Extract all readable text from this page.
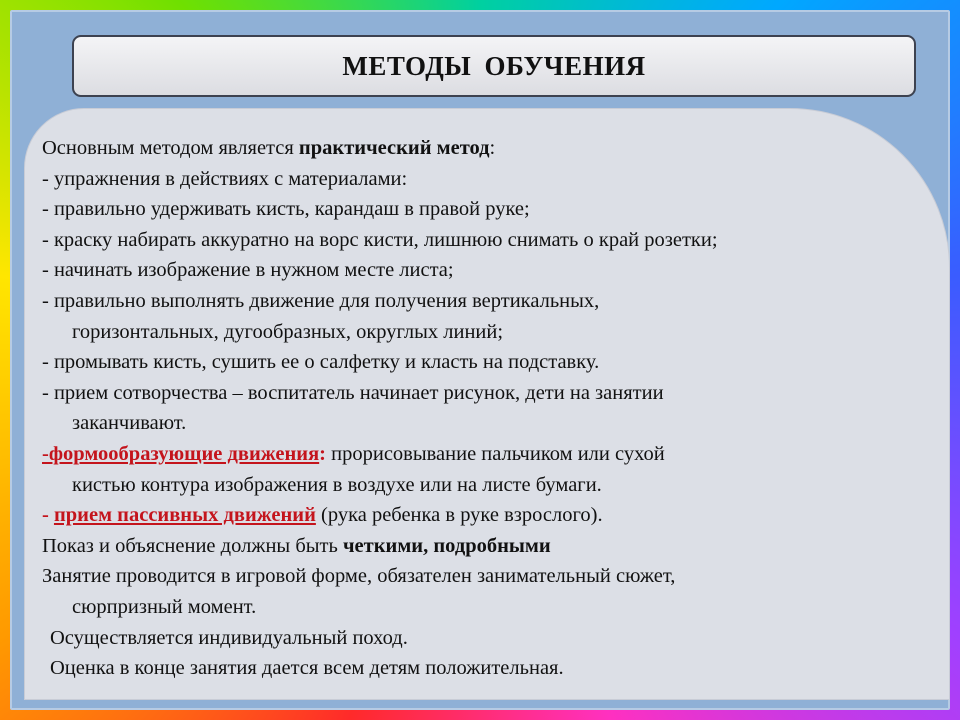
МЕТОДЫ ОБУЧЕНИЯ
Основным методом является практический метод:
- упражнения в действиях с материалами:
- правильно удерживать кисть, карандаш в правой руке;
- краску набирать аккуратно на ворс кисти, лишнюю снимать о край розетки;
- начинать изображение в нужном месте листа;
- правильно выполнять движение для получения вертикальных,
горизонтальных, дугообразных, округлых линий;
- промывать кисть, сушить ее о салфетку и класть на подставку.
- прием сотворчества – воспитатель начинает рисунок, дети на занятии
заканчивают.
-формообразующие движения: прорисовывание пальчиком или сухой
кистью контура изображения в воздухе или на листе бумаги.
- прием пассивных движений (рука ребенка в руке взрослого).
Показ и объяснение должны быть четкими, подробными
Занятие проводится в игровой форме, обязателен занимательный сюжет,
сюрпризный момент.
Осуществляется индивидуальный поход.
Оценка в конце занятия дается всем детям положительная.
